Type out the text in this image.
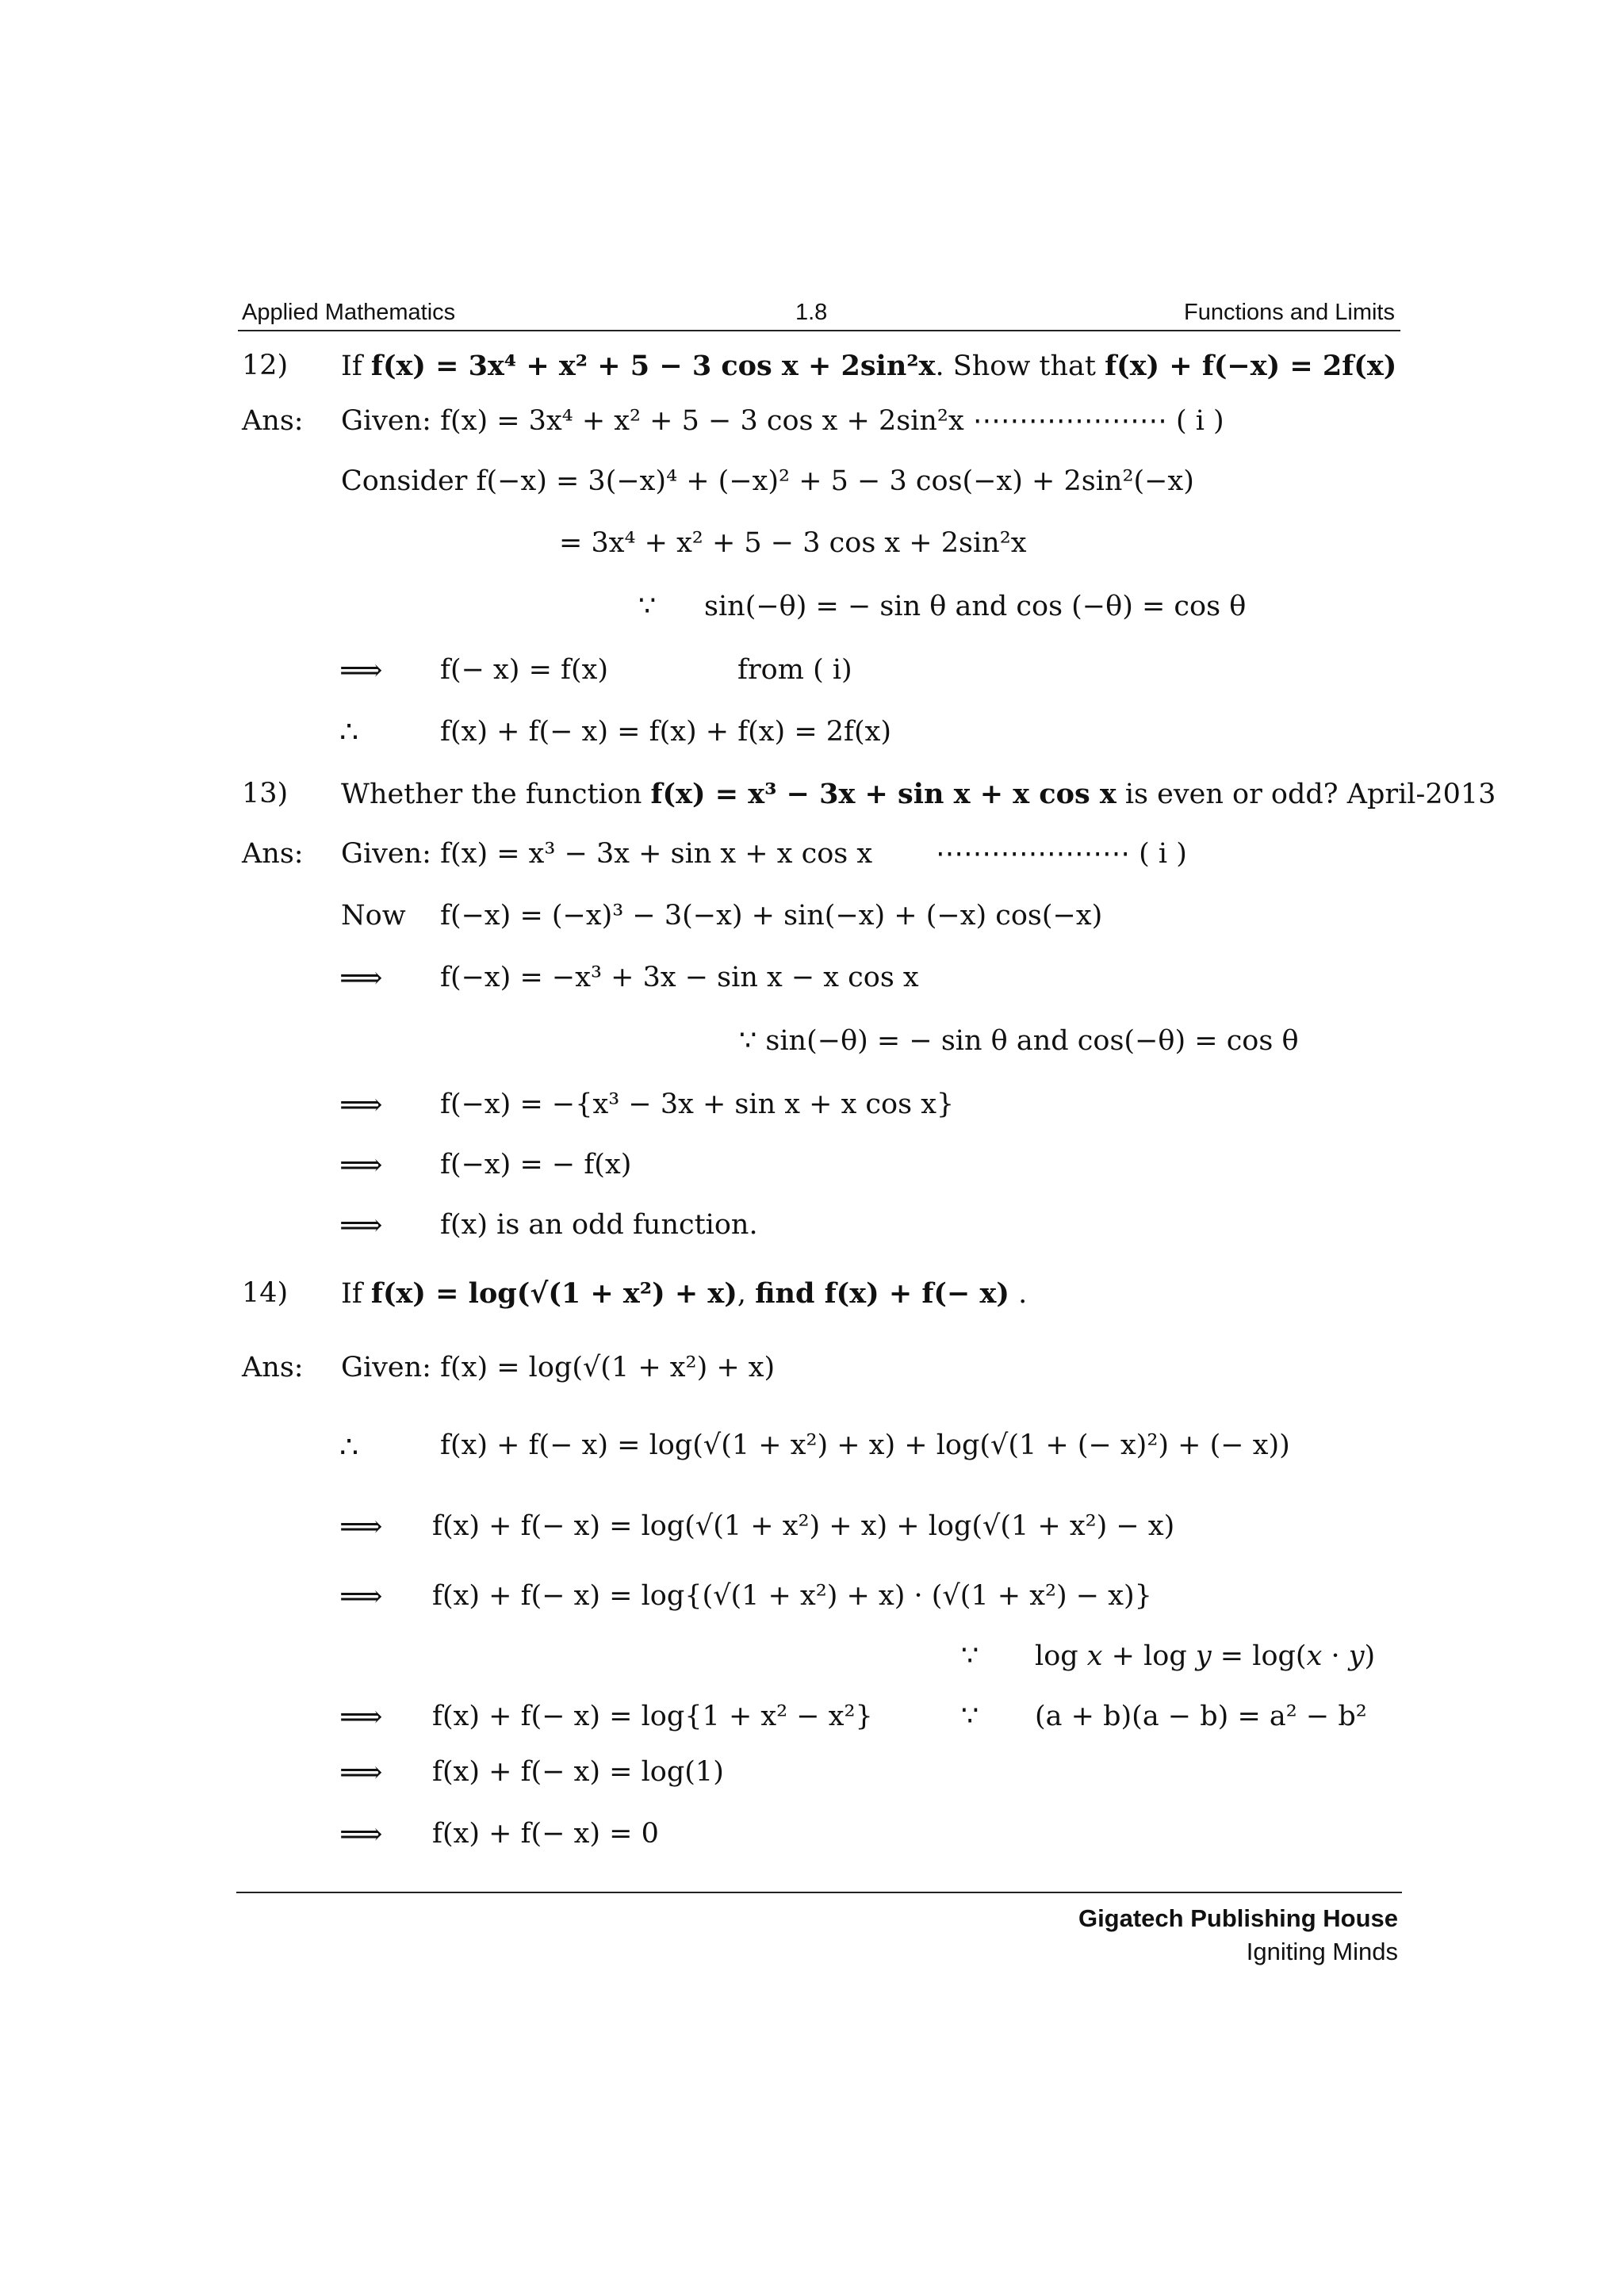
Applied Mathematics	1.8	Functions and Limits
12) If f(x) = 3x⁴ + x² + 5 − 3 cos x + 2sin²x. Show that f(x) + f(−x) = 2f(x)
Ans: Given: f(x) = 3x⁴ + x² + 5 − 3 cos x + 2sin²x ⋯⋯⋯⋯⋯⋯⋯ ( i )
Consider f(−x) = 3(−x)⁴ + (−x)² + 5 − 3 cos(−x) + 2sin²(−x)
= 3x⁴ + x² + 5 − 3 cos x + 2sin²x
∵ sin(−θ) = − sin θ and cos (−θ) = cos θ
⟹ f(− x) = f(x)	from ( i)
∴	f(x) + f(− x) = f(x) + f(x) = 2f(x)
13) Whether the function f(x) = x³ − 3x + sin x + x cos x is even or odd? April-2013
Ans: Given: f(x) = x³ − 3x + sin x + x cos x ⋯⋯⋯⋯⋯⋯⋯ ( i )
Now f(−x) = (−x)³ − 3(−x) + sin(−x) + (−x) cos(−x)
⟹ f(−x) = −x³ + 3x − sin x − x cos x
∵ sin(−θ) = − sin θ and cos(−θ) = cos θ
⟹ f(−x) = −{x³ − 3x + sin x + x cos x}
⟹ f(−x) = − f(x)
⟹ f(x) is an odd function.
14) If f(x) = log(√(1 + x²) + x), find f(x) + f(− x) .
Ans: Given: f(x) = log(√(1 + x²) + x)
∴	f(x) + f(− x) = log(√(1 + x²) + x) + log(√(1 + (− x)²) + (− x))
⟹ f(x) + f(− x) = log(√(1 + x²) + x) + log(√(1 + x²) − x)
⟹ f(x) + f(− x) = log{(√(1 + x²) + x) · (√(1 + x²) − x)}
∵ log 𝑥 + log 𝑦 = log(𝑥 · 𝑦)
⟹ f(x) + f(− x) = log{1 + x² − x²}	∵ (a + b)(a − b) = a² − b²
⟹ f(x) + f(− x) = log(1)
⟹ f(x) + f(− x) = 0
Gigatech Publishing House
Igniting Minds
